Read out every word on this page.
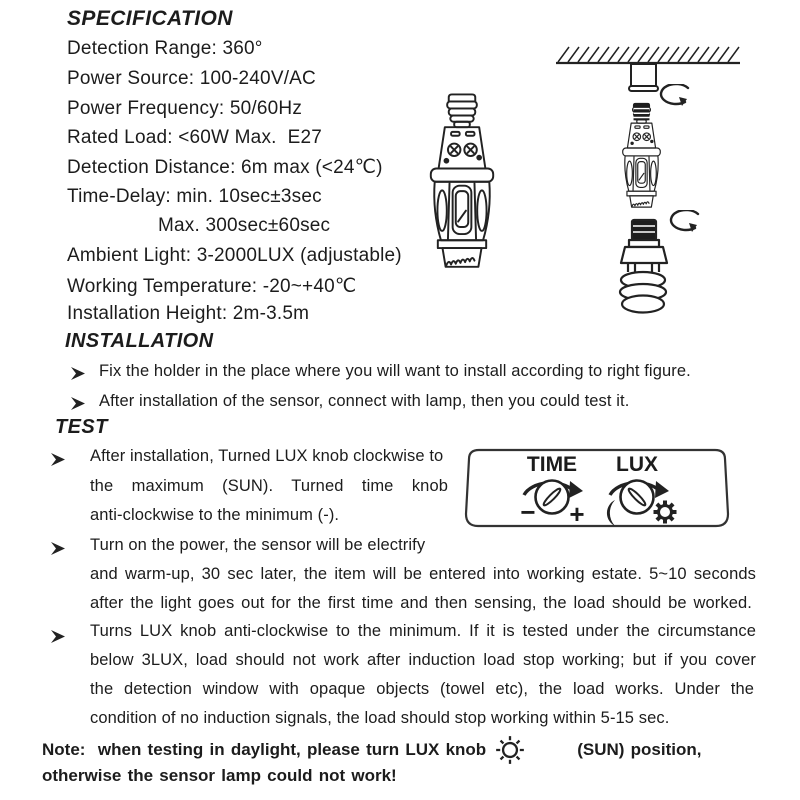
SPECIFICATION
Detection Range: 360°
Power Source: 100-240V/AC
Power Frequency: 50/60Hz
Rated Load: <60W Max.  E27
Detection Distance: 6m max (<24℃)
Time-Delay: min. 10sec±3sec
Max. 300sec±60sec
Ambient Light: 3-2000LUX (adjustable)
Working Temperature: -20~+40℃
Installation Height: 2m-3.5m
INSTALLATION
Fix the holder in the place where you will want to install according to right figure.
After installation of the sensor, connect with lamp, then you could test it.
TEST
After installation, Turned LUX knob clockwise to
the maximum (SUN). Turned time knob
anti-clockwise to the minimum (-).
Turn on the power, the sensor will be electrify
and warm-up, 30 sec later, the item will be entered into working estate. 5~10 seconds
after the light goes out for the first time and then sensing, the load should be worked.
Turns LUX knob anti-clockwise to the minimum. If it is tested under the circumstance
below 3LUX, load should not work after induction load stop working; but if you cover
the detection window with opaque objects (towel etc), the load works. Under the
condition of no induction signals, the load should stop working within 5-15 sec.
Note:  when testing in daylight, please turn LUX knob	(SUN) position,
otherwise the sensor lamp could not work!
TIME LUX
− +
